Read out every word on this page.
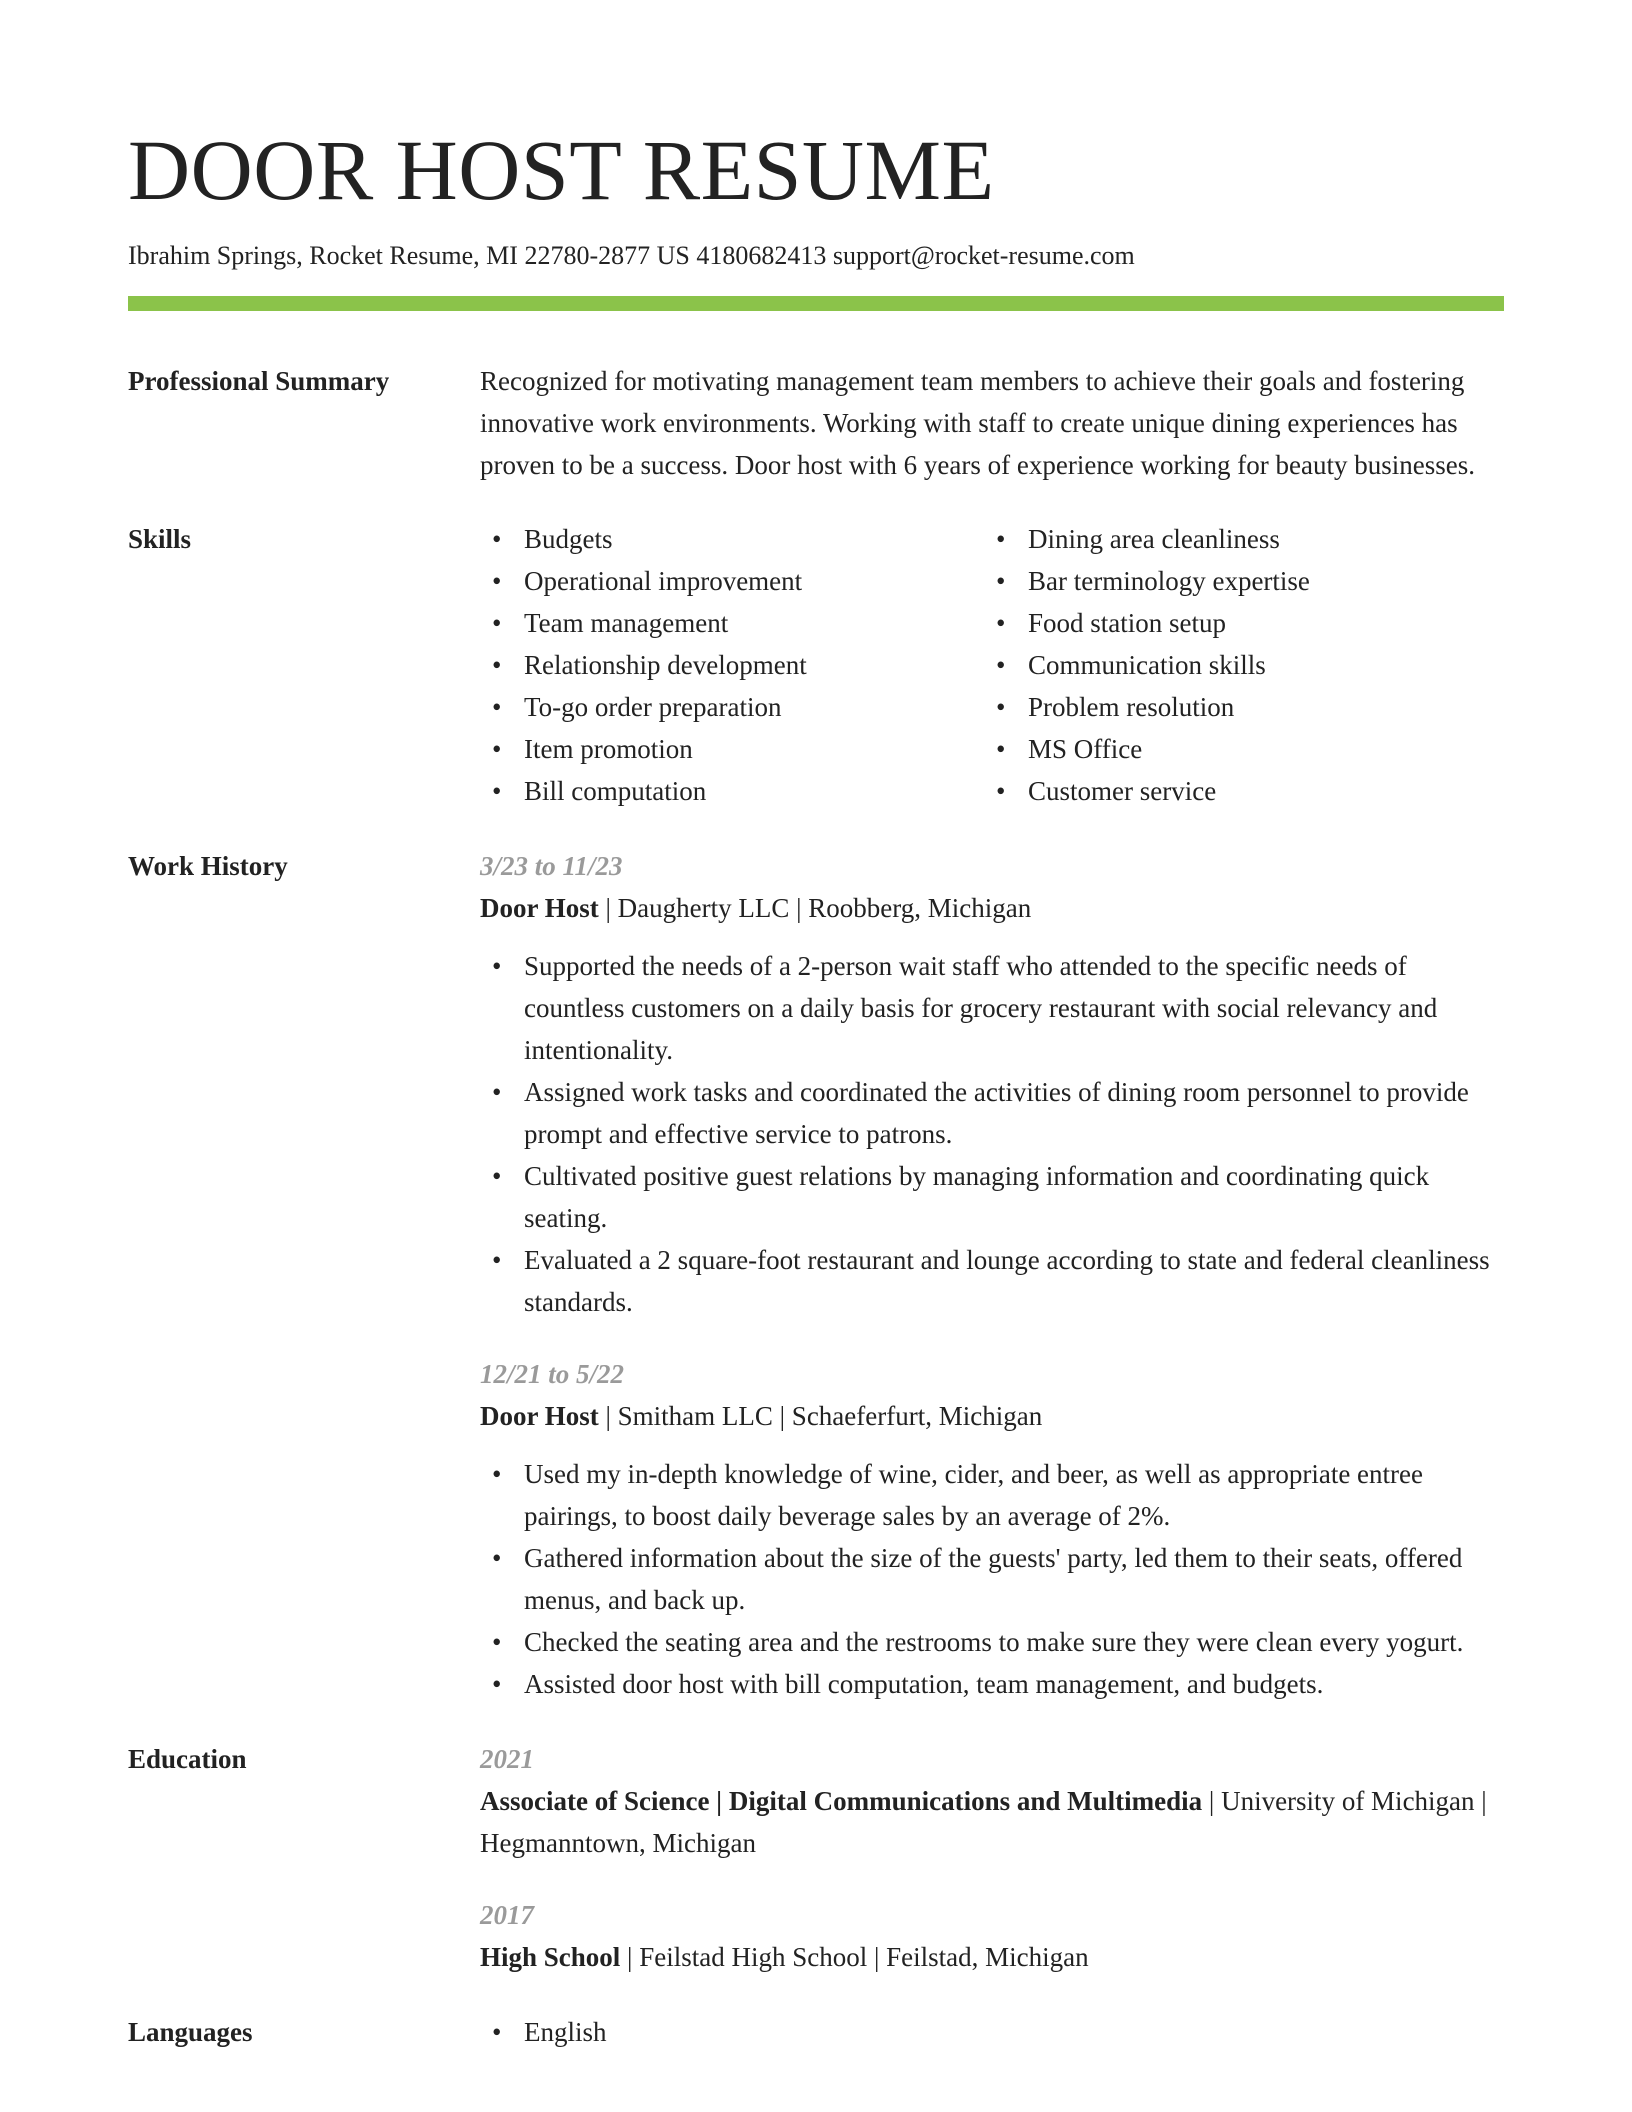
DOOR HOST RESUME
Ibrahim Springs, Rocket Resume, MI 22780-2877 US 4180682413 support@rocket-resume.com
Professional Summary	Recognized for motivating management team members to achieve their goals and fostering innovative work environments. Working with staff to create unique dining experiences has proven to be a success. Door host with 6 years of experience working for beauty businesses.
Skills	• Budgets
• Operational improvement
• Team management
• Relationship development
• To-go order preparation
• Item promotion
• Bill computation
• Dining area cleanliness
• Bar terminology expertise
• Food station setup
• Communication skills
• Problem resolution
• MS Office
• Customer service
Work History	3/23 to 11/23
Door Host | Daugherty LLC | Roobberg, Michigan
• Supported the needs of a 2-person wait staff who attended to the specific needs of countless customers on a daily basis for grocery restaurant with social relevancy and intentionality.
• Assigned work tasks and coordinated the activities of dining room personnel to provide prompt and effective service to patrons.
• Cultivated positive guest relations by managing information and coordinating quick seating.
• Evaluated a 2 square-foot restaurant and lounge according to state and federal cleanliness standards.
12/21 to 5/22
Door Host | Smitham LLC | Schaeferfurt, Michigan
• Used my in-depth knowledge of wine, cider, and beer, as well as appropriate entree pairings, to boost daily beverage sales by an average of 2%.
• Gathered information about the size of the guests' party, led them to their seats, offered menus, and back up.
• Checked the seating area and the restrooms to make sure they were clean every yogurt.
• Assisted door host with bill computation, team management, and budgets.
Education	2021
Associate of Science | Digital Communications and Multimedia | University of Michigan | Hegmanntown, Michigan
2017
High School | Feilstad High School | Feilstad, Michigan
Languages	• English
